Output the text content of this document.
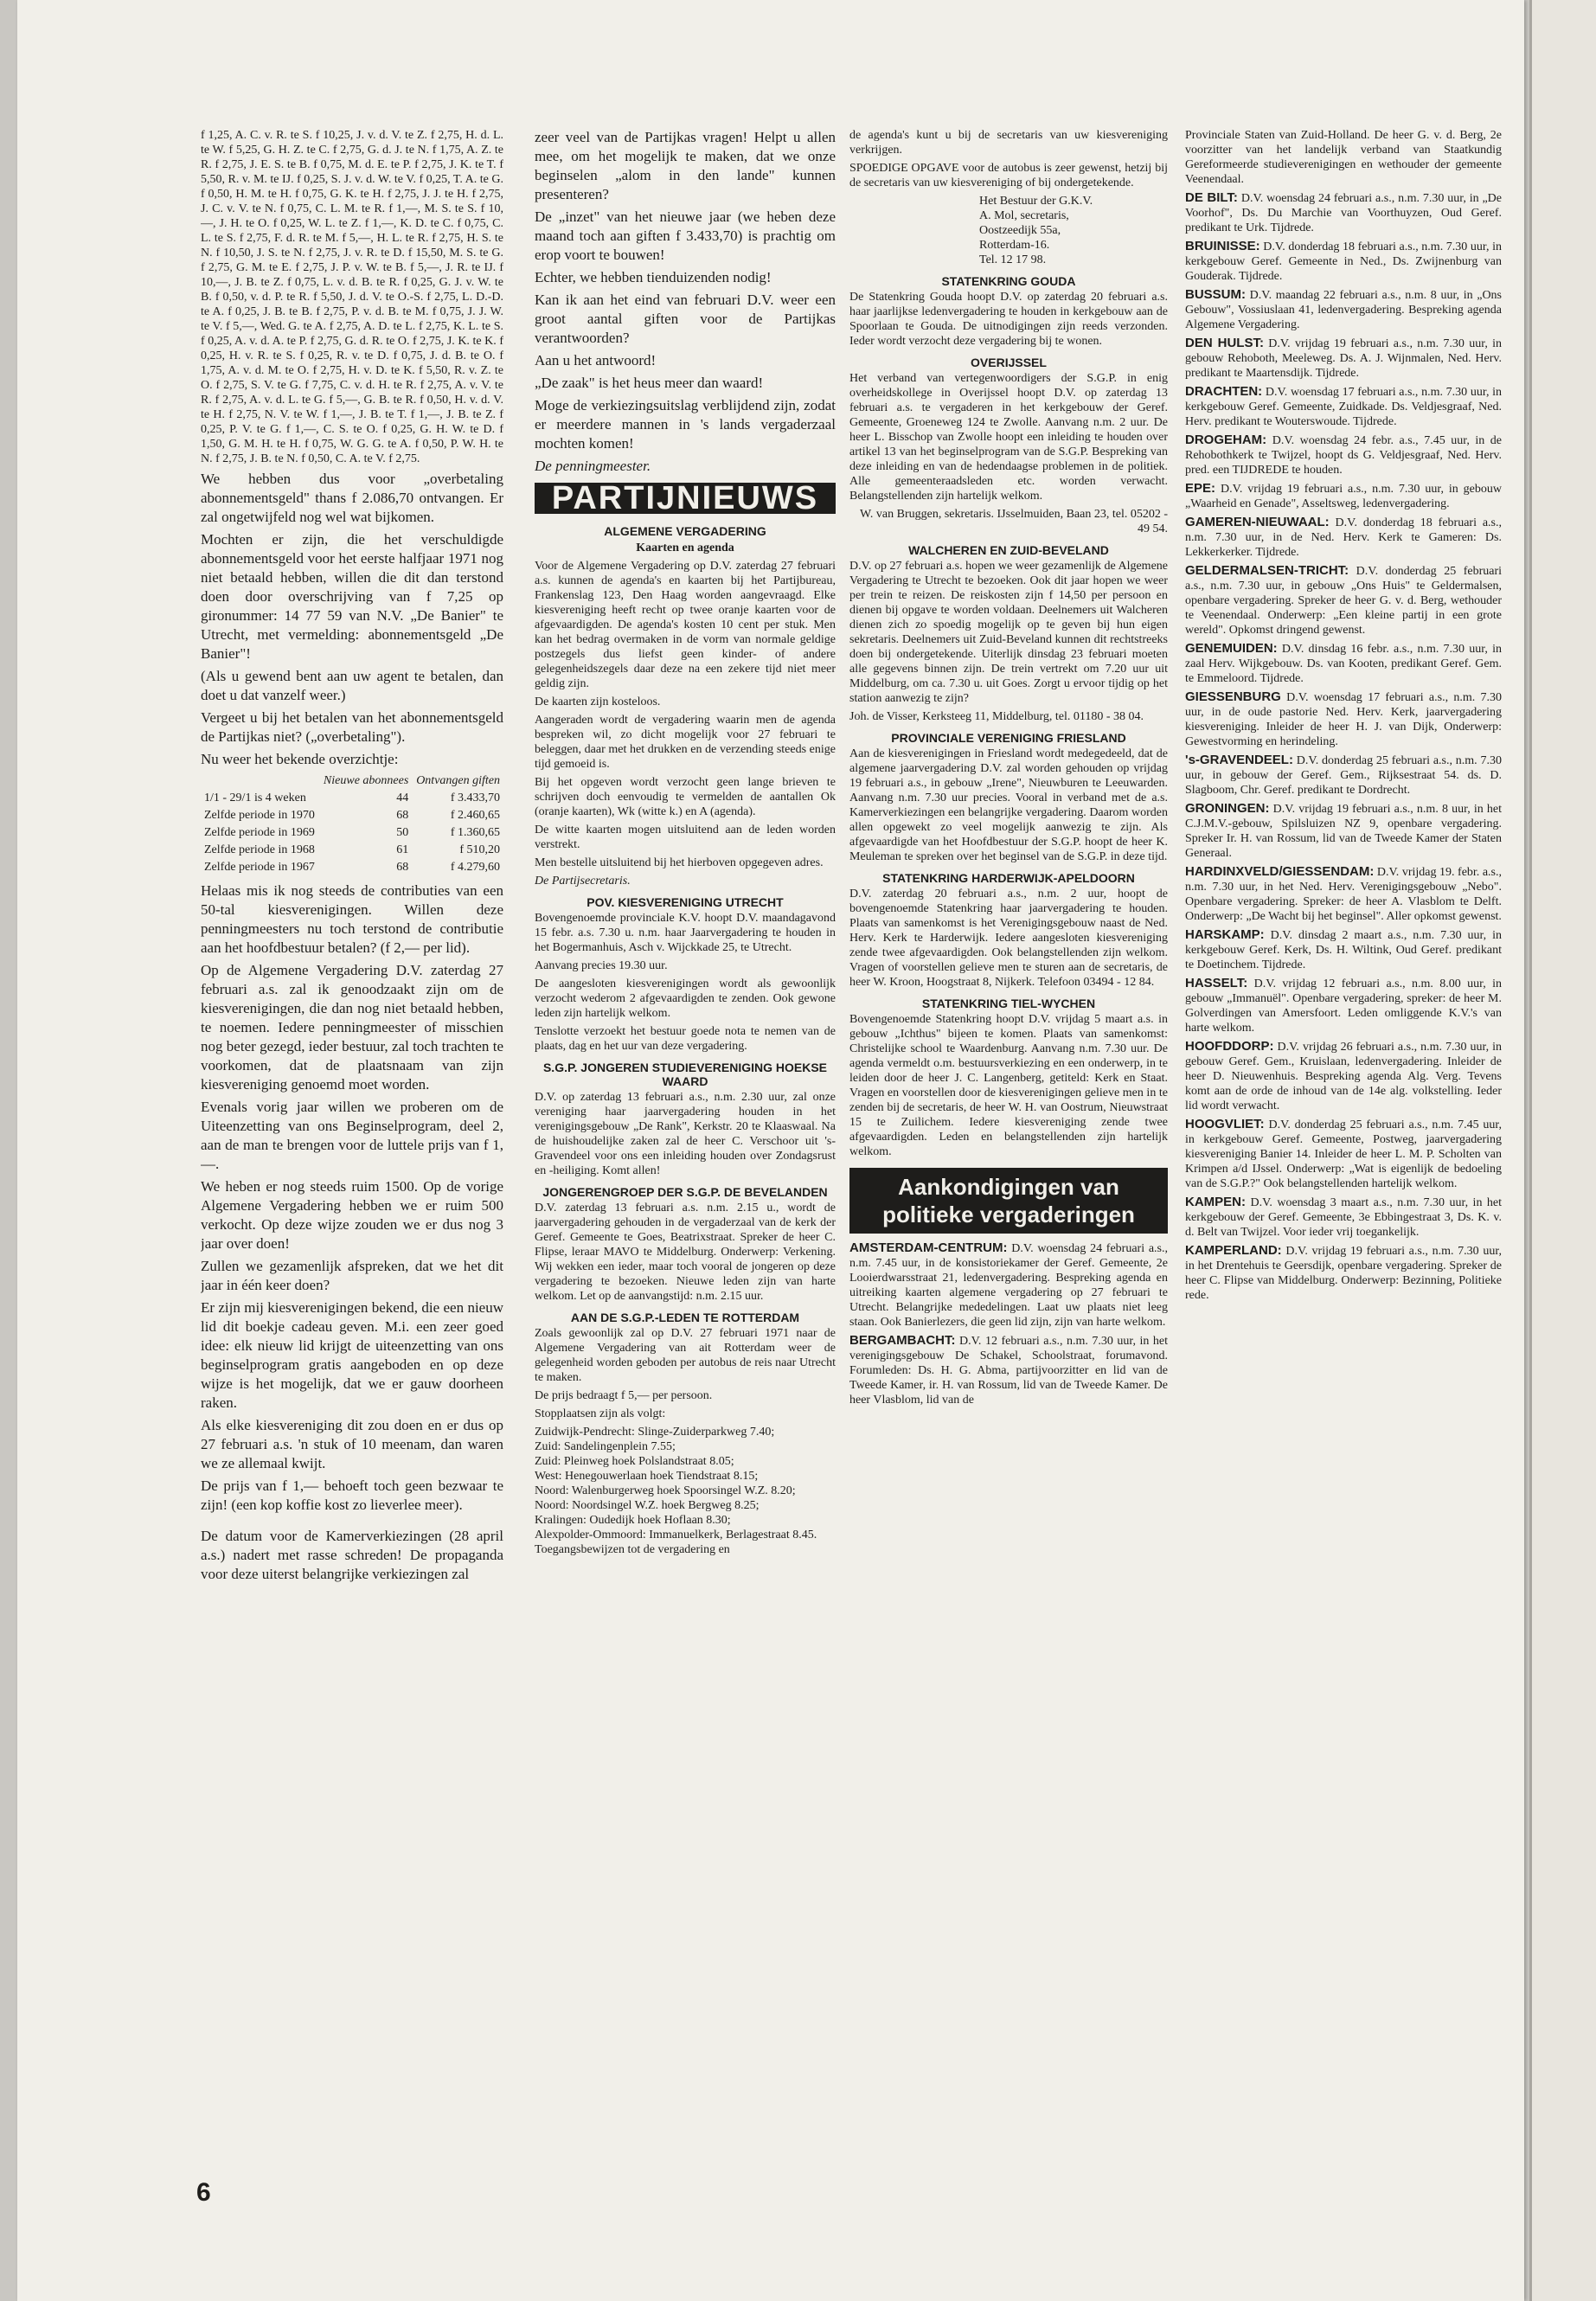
f 1,25, A. C. v. R. te S. f 10,25, J. v. d. V. te Z. f 2,75, H. d. L. te W. f 5,25, G. H. Z. te C. f 2,75, G. d. J. te N. f 1,75, A. Z. te R. f 2,75, J. E. S. te B. f 0,75, M. d. E. te P. f 2,75, J. K. te T. f 5,50, R. v. M. te IJ. f 0,25, S. J. v. d. W. te V. f 0,25, T. A. te G. f 0,50, H. M. te H. f 0,75, G. K. te H. f 2,75, J. J. te H. f 2,75, J. C. v. V. te N. f 0,75, C. L. M. te R. f 1,—, M. S. te S. f 10,—, J. H. te O. f 0,25, W. L. te Z. f 1,—, K. D. te C. f 0,75, C. L. te S. f 2,75, F. d. R. te M. f 5,—, H. L. te R. f 2,75, H. S. te N. f 10,50, J. S. te N. f 2,75, J. v. R. te D. f 15,50, M. S. te G. f 2,75, G. M. te E. f 2,75, J. P. v. W. te B. f 5,—, J. R. te IJ. f 10,—, J. B. te Z. f 0,75, L. v. d. B. te R. f 0,25, G. J. v. W. te B. f 0,50, v. d. P. te R. f 5,50, J. d. V. te O.-S. f 2,75, L. D.-D. te A. f 0,25, J. B. te B. f 2,75, P. v. d. B. te M. f 0,75, J. J. W. te V. f 5,—, Wed. G. te A. f 2,75, A. D. te L. f 2,75, K. L. te S. f 0,25, A. v. d. A. te P. f 2,75, G. d. R. te O. f 2,75, J. K. te K. f 0,25, H. v. R. te S. f 0,25, R. v. te D. f 0,75, J. d. B. te O. f 1,75, A. v. d. M. te O. f 2,75, H. v. D. te K. f 5,50, R. v. Z. te O. f 2,75, S. V. te G. f 7,75, C. v. d. H. te R. f 2,75, A. v. V. te R. f 2,75, A. v. d. L. te G. f 5,—, G. B. te R. f 0,50, H. v. d. V. te H. f 2,75, N. V. te W. f 1,—, J. B. te T. f 1,—, J. B. te Z. f 0,25, P. V. te G. f 1,—, C. S. te O. f 0,25, G. H. W. te D. f 1,50, G. M. H. te H. f 0,75, W. G. G. te A. f 0,50, P. W. H. te N. f 2,75, J. B. te N. f 0,50, C. A. te V. f 2,75.

We hebben dus voor „overbetaling abonnementsgeld" thans f 2.086,70 ontvangen. Er zal ongetwijfeld nog wel wat bijkomen.

Mochten er zijn, die het verschuldigde abonnementsgeld voor het eerste halfjaar 1971 nog niet betaald hebben, willen die dit dan terstond doen door overschrijving van f 7,25 op gironummer: 14 77 59 van N.V. „De Banier" te Utrecht, met vermelding: abonnementsgeld „De Banier"!

(Als u gewend bent aan uw agent te betalen, dan doet u dat vanzelf weer.)

Vergeet u bij het betalen van het abonnementsgeld de Partijkas niet? („overbetaling").

Nu weer het bekende overzichtje:

	Nieuwe abonnees	Ontvangen giften
1/1 - 29/1 is 4 weken	44	f 3.433,70
Zelfde periode in 1970	68	f 2.460,65
Zelfde periode in 1969	50	f 1.360,65
Zelfde periode in 1968	61	f 510,20
Zelfde periode in 1967	68	f 4.279,60

Helaas mis ik nog steeds de contributies van een 50-tal kiesverenigingen. Willen deze penningmeesters nu toch terstond de contributie aan het hoofdbestuur betalen? (f 2,— per lid).

Op de Algemene Vergadering D.V. zaterdag 27 februari a.s. zal ik genoodzaakt zijn om de kiesverenigingen, die dan nog niet betaald hebben, te noemen. Iedere penningmeester of misschien nog beter gezegd, ieder bestuur, zal toch trachten te voorkomen, dat de plaatsnaam van zijn kiesvereniging genoemd moet worden.

Evenals vorig jaar willen we proberen om de Uiteenzetting van ons Beginselprogram, deel 2, aan de man te brengen voor de luttele prijs van f 1,—.

We heben er nog steeds ruim 1500. Op de vorige Algemene Vergadering hebben we er ruim 500 verkocht. Op deze wijze zouden we er dus nog 3 jaar over doen!

Zullen we gezamenlijk afspreken, dat we het dit jaar in één keer doen?

Er zijn mij kiesverenigingen bekend, die een nieuw lid dit boekje cadeau geven. M.i. een zeer goed idee: elk nieuw lid krijgt de uiteenzetting van ons beginselprogram gratis aangeboden en op deze wijze is het mogelijk, dat we er gauw doorheen raken.

Als elke kiesvereniging dit zou doen en er dus op 27 februari a.s. 'n stuk of 10 meenam, dan waren we ze allemaal kwijt.

De prijs van f 1,— behoeft toch geen bezwaar te zijn! (een kop koffie kost zo lieverlee meer).

De datum voor de Kamerverkiezingen (28 april a.s.) nadert met rasse schreden! De propaganda voor deze uiterst belangrijke verkiezingen zal

zeer veel van de Partijkas vragen! Helpt u allen mee, om het mogelijk te maken, dat we onze beginselen „alom in den lande" kunnen presenteren?

De „inzet" van het nieuwe jaar (we heben deze maand toch aan giften f 3.433,70) is prachtig om erop voort te bouwen!

Echter, we hebben tienduizenden nodig!

Kan ik aan het eind van februari D.V. weer een groot aantal giften voor de Partijkas verantwoorden?

Aan u het antwoord!

„De zaak" is het heus meer dan waard!

Moge de verkiezingsuitslag verblijdend zijn, zodat er meerdere mannen in 's lands vergaderzaal mochten komen!

De penningmeester.

PARTIJNIEUWS
ALGEMENE VERGADERING
Kaarten en agenda

Voor de Algemene Vergadering op D.V. zaterdag 27 februari a.s. kunnen de agenda's en kaarten bij het Partijbureau, Frankenslag 123, Den Haag worden aangevraagd. Elke kiesvereniging heeft recht op twee oranje kaarten voor de afgevaardigden. De agenda's kosten 10 cent per stuk. Men kan het bedrag overmaken in de vorm van normale geldige postzegels dus liefst geen kinder- of andere gelegenheidszegels daar deze na een zekere tijd niet meer geldig zijn.

De kaarten zijn kosteloos.

Aangeraden wordt de vergadering waarin men de agenda bespreken wil, zo dicht mogelijk voor 27 februari te beleggen, daar met het drukken en de verzending steeds enige tijd gemoeid is.

Bij het opgeven wordt verzocht geen lange brieven te schrijven doch eenvoudig te vermelden de aantallen Ok (oranje kaarten), Wk (witte k.) en A (agenda).

De witte kaarten mogen uitsluitend aan de leden worden verstrekt.

Men bestelle uitsluitend bij het hierboven opgegeven adres.

De Partijsecretaris.

POV. KIESVERENIGING UTRECHT

Bovengenoemde provinciale K.V. hoopt D.V. maandagavond 15 febr. a.s. 7.30 u. n.m. haar Jaarvergadering te houden in het Bogermanhuis, Asch v. Wijckkade 25, te Utrecht.

Aanvang precies 19.30 uur.

De aangesloten kiesverenigingen wordt als gewoonlijk verzocht wederom 2 afgevaardigden te zenden. Ook gewone leden zijn hartelijk welkom.

Tenslotte verzoekt het bestuur goede nota te nemen van de plaats, dag en het uur van deze vergadering.

S.G.P. JONGEREN STUDIEVERENIGING HOEKSE WAARD

D.V. op zaterdag 13 februari a.s., n.m. 2.30 uur, zal onze vereniging haar jaarvergadering houden in het verenigingsgebouw „De Rank", Kerkstr. 20 te Klaaswaal. Na de huishoudelijke zaken zal de heer C. Verschoor uit 's-Gravendeel voor ons een inleiding houden over Zondagsrust en -heiliging. Komt allen!

JONGERENGROEP DER S.G.P. DE BEVELANDEN

D.V. zaterdag 13 februari a.s. n.m. 2.15 u., wordt de jaarvergadering gehouden in de vergaderzaal van de kerk der Geref. Gemeente te Goes, Beatrixstraat. Spreker de heer C. Flipse, leraar MAVO te Middelburg. Onderwerp: Verkening. Wij wekken een ieder, maar toch vooral de jongeren op deze vergadering te bezoeken. Nieuwe leden zijn van harte welkom. Let op de aanvangstijd: n.m. 2.15 uur.

AAN DE S.G.P.-LEDEN TE ROTTERDAM

Zoals gewoonlijk zal op D.V. 27 februari 1971 naar de Algemene Vergadering van ait Rotterdam weer de gelegenheid worden geboden per autobus de reis naar Utrecht te maken.

De prijs bedraagt f 5,— per persoon.

Stopplaatsen zijn als volgt:

Zuidwijk-Pendrecht: Slinge-Zuiderparkweg 7.40;

Zuid: Sandelingenplein 7.55;

Zuid: Pleinweg hoek Polslandstraat 8.05;

West: Henegouwerlaan hoek Tiendstraat 8.15;

Noord: Walenburgerweg hoek Spoorsingel W.Z. 8.20;

Noord: Noordsingel W.Z. hoek Bergweg 8.25;

Kralingen: Oudedijk hoek Hoflaan 8.30;

Alexpolder-Ommoord: Immanuelkerk, Berlagestraat 8.45.

Toegangsbewijzen tot de vergadering en

de agenda's kunt u bij de secretaris van uw kiesvereniging verkrijgen.

SPOEDIGE OPGAVE voor de autobus is zeer gewenst, hetzij bij de secretaris van uw kiesvereniging of bij ondergetekende.

Het Bestuur der G.K.V.
A. Mol, secretaris,
Oostzeedijk 55a,
Rotterdam-16.
Tel. 12 17 98.
STATENKRING GOUDA

De Statenkring Gouda hoopt D.V. op zaterdag 20 februari a.s. haar jaarlijkse ledenvergadering te houden in kerkgebouw aan de Spoorlaan te Gouda. De uitnodigingen zijn reeds verzonden. Ieder wordt verzocht deze vergadering bij te wonen.

OVERIJSSEL

Het verband van vertegenwoordigers der S.G.P. in enig overheidskollege in Overijssel hoopt D.V. op zaterdag 13 februari a.s. te vergaderen in het kerkgebouw der Geref. Gemeente, Groeneweg 124 te Zwolle. Aanvang n.m. 2 uur. De heer L. Bisschop van Zwolle hoopt een inleiding te houden over artikel 13 van het beginselprogram van de S.G.P. Bespreking van deze inleiding en van de hedendaagse problemen in de politiek. Alle gemeenteraadsleden etc. worden verwacht. Belangstellenden zijn hartelijk welkom.

W. van Bruggen, sekretaris. IJsselmuiden, Baan 23, tel. 05202 - 49 54.

WALCHEREN EN ZUID-BEVELAND

D.V. op 27 februari a.s. hopen we weer gezamenlijk de Algemene Vergadering te Utrecht te bezoeken. Ook dit jaar hopen we weer per trein te reizen. De reiskosten zijn f 14,50 per persoon en dienen bij opgave te worden voldaan. Deelnemers uit Walcheren dienen zich zo spoedig mogelijk op te geven bij hun eigen sekretaris. Deelnemers uit Zuid-Beveland kunnen dit rechtstreeks doen bij ondergetekende. Uiterlijk dinsdag 23 februari moeten alle gegevens binnen zijn. De trein vertrekt om 7.20 uur uit Middelburg, om ca. 7.30 u. uit Goes. Zorgt u ervoor tijdig op het station aanwezig te zijn?

Joh. de Visser, Kerksteeg 11, Middelburg, tel. 01180 - 38 04.

PROVINCIALE VERENIGING FRIESLAND

Aan de kiesverenigingen in Friesland wordt medegedeeld, dat de algemene jaarvergadering D.V. zal worden gehouden op vrijdag 19 februari a.s., in gebouw „Irene", Nieuwburen te Leeuwarden. Aanvang n.m. 7.30 uur precies. Vooral in verband met de a.s. Kamerverkiezingen een belangrijke vergadering. Daarom worden allen opgewekt zo veel mogelijk aanwezig te zijn. Als afgevaardigde van het Hoofdbestuur der S.G.P. hoopt de heer K. Meuleman te spreken over het beginsel van de S.G.P. in deze tijd.

STATENKRING HARDERWIJK-APELDOORN

D.V. zaterdag 20 februari a.s., n.m. 2 uur, hoopt de bovengenoemde Statenkring haar jaarvergadering te houden. Plaats van samenkomst is het Verenigingsgebouw naast de Ned. Herv. Kerk te Harderwijk. Iedere aangesloten kiesvereniging zende twee afgevaardigden. Ook belangstellenden zijn welkom. Vragen of voorstellen gelieve men te sturen aan de secretaris, de heer W. Kroon, Hoogstraat 8, Nijkerk. Telefoon 03494 - 12 84.

STATENKRING TIEL-WYCHEN

Bovengenoemde Statenkring hoopt D.V. vrijdag 5 maart a.s. in gebouw „Ichthus" bijeen te komen. Plaats van samenkomst: Christelijke school te Waardenburg. Aanvang n.m. 7.30 uur. De agenda vermeldt o.m. bestuursverkiezing en een onderwerp, in te leiden door de heer J. C. Langenberg, getiteld: Kerk en Staat. Vragen en voorstellen door de kiesverenigingen gelieve men in te zenden bij de secretaris, de heer W. H. van Oostrum, Nieuwstraat 15 te Zuilichem. Iedere kiesvereniging zende twee afgevaardigden. Leden en belangstellenden zijn hartelijk welkom.

Aankondigingen van politieke vergaderingen

AMSTERDAM-CENTRUM: D.V. woensdag 24 februari a.s., n.m. 7.45 uur, in de konsistoriekamer der Geref. Gemeente, 2e Looierdwarsstraat 21, ledenvergadering. Bespreking agenda en uitreiking kaarten algemene vergadering op 27 februari te Utrecht. Belangrijke mededelingen. Laat uw plaats niet leeg staan. Ook Banierlezers, die geen lid zijn, zijn van harte welkom.

BERGAMBACHT: D.V. 12 februari a.s., n.m. 7.30 uur, in het verenigingsgebouw De Schakel, Schoolstraat, forumavond. Forumleden: Ds. H. G. Abma, partijvoorzitter en lid van de Tweede Kamer, ir. H. van Rossum, lid van de Tweede Kamer. De heer Vlasblom, lid van de

Provinciale Staten van Zuid-Holland. De heer G. v. d. Berg, 2e voorzitter van het landelijk verband van Staatkundig Gereformeerde studieverenigingen en wethouder der gemeente Veenendaal.

DE BILT: D.V. woensdag 24 februari a.s., n.m. 7.30 uur, in „De Voorhof", Ds. Du Marchie van Voorthuyzen, Oud Geref. predikant te Urk. Tijdrede.

BRUINISSE: D.V. donderdag 18 februari a.s., n.m. 7.30 uur, in kerkgebouw Geref. Gemeente in Ned., Ds. Zwijnenburg van Gouderak. Tijdrede.

BUSSUM: D.V. maandag 22 februari a.s., n.m. 8 uur, in „Ons Gebouw", Vossiuslaan 41, ledenvergadering. Bespreking agenda Algemene Vergadering.

DEN HULST: D.V. vrijdag 19 februari a.s., n.m. 7.30 uur, in gebouw Rehoboth, Meeleweg. Ds. A. J. Wijnmalen, Ned. Herv. predikant te Maartensdijk. Tijdrede.

DRACHTEN: D.V. woensdag 17 februari a.s., n.m. 7.30 uur, in kerkgebouw Geref. Gemeente, Zuidkade. Ds. Veldjesgraaf, Ned. Herv. predikant te Wouterswoude. Tijdrede.

DROGEHAM: D.V. woensdag 24 febr. a.s., 7.45 uur, in de Rehobothkerk te Twijzel, hoopt ds G. Veldjesgraaf, Ned. Herv. pred. een TIJDREDE te houden.

EPE: D.V. vrijdag 19 februari a.s., n.m. 7.30 uur, in gebouw „Waarheid en Genade", Asseltsweg, ledenvergadering.

GAMEREN-NIEUWAAL: D.V. donderdag 18 februari a.s., n.m. 7.30 uur, in de Ned. Herv. Kerk te Gameren: Ds. Lekkerkerker. Tijdrede.

GELDERMALSEN-TRICHT: D.V. donderdag 25 februari a.s., n.m. 7.30 uur, in gebouw „Ons Huis" te Geldermalsen, openbare vergadering. Spreker de heer G. v. d. Berg, wethouder te Veenendaal. Onderwerp: „Een kleine partij in een grote wereld". Opkomst dringend gewenst.

GENEMUIDEN: D.V. dinsdag 16 febr. a.s., n.m. 7.30 uur, in zaal Herv. Wijkgebouw. Ds. van Kooten, predikant Geref. Gem. te Emmeloord. Tijdrede.

GIESSENBURG D.V. woensdag 17 februari a.s., n.m. 7.30 uur, in de oude pastorie Ned. Herv. Kerk, jaarvergadering kiesvereniging. Inleider de heer H. J. van Dijk, Onderwerp: Gewestvorming en herindeling.

's-GRAVENDEEL: D.V. donderdag 25 februari a.s., n.m. 7.30 uur, in gebouw der Geref. Gem., Rijksestraat 54. ds. D. Slagboom, Chr. Geref. predikant te Dordrecht.

GRONINGEN: D.V. vrijdag 19 februari a.s., n.m. 8 uur, in het C.J.M.V.-gebouw, Spilsluizen NZ 9, openbare vergadering. Spreker Ir. H. van Rossum, lid van de Tweede Kamer der Staten Generaal.

HARDINXVELD/GIESSENDAM: D.V. vrijdag 19. febr. a.s., n.m. 7.30 uur, in het Ned. Herv. Verenigingsgebouw „Nebo". Openbare vergadering. Spreker: de heer A. Vlasblom te Delft. Onderwerp: „De Wacht bij het beginsel". Aller opkomst gewenst.

HARSKAMP: D.V. dinsdag 2 maart a.s., n.m. 7.30 uur, in kerkgebouw Geref. Kerk, Ds. H. Wiltink, Oud Geref. predikant te Doetinchem. Tijdrede.

HASSELT: D.V. vrijdag 12 februari a.s., n.m. 8.00 uur, in gebouw „Immanuël". Openbare vergadering, spreker: de heer M. Golverdingen van Amersfoort. Leden omliggende K.V.'s van harte welkom.

HOOFDDORP: D.V. vrijdag 26 februari a.s., n.m. 7.30 uur, in gebouw Geref. Gem., Kruislaan, ledenvergadering. Inleider de heer D. Nieuwenhuis. Bespreking agenda Alg. Verg. Tevens komt aan de orde de inhoud van de 14e alg. volkstelling. Ieder lid wordt verwacht.

HOOGVLIET: D.V. donderdag 25 februari a.s., n.m. 7.45 uur, in kerkgebouw Geref. Gemeente, Postweg, jaarvergadering kiesvereniging Banier 14. Inleider de heer L. M. P. Scholten van Krimpen a/d IJssel. Onderwerp: „Wat is eigenlijk de bedoeling van de S.G.P.?" Ook belangstellenden hartelijk welkom.

KAMPEN: D.V. woensdag 3 maart a.s., n.m. 7.30 uur, in het kerkgebouw der Geref. Gemeente, 3e Ebbingestraat 3, Ds. K. v. d. Belt van Twijzel. Voor ieder vrij toegankelijk.

KAMPERLAND: D.V. vrijdag 19 februari a.s., n.m. 7.30 uur, in het Drentehuis te Geersdijk, openbare vergadering. Spreker de heer C. Flipse van Middelburg. Onderwerp: Bezinning, Politieke rede.

6
